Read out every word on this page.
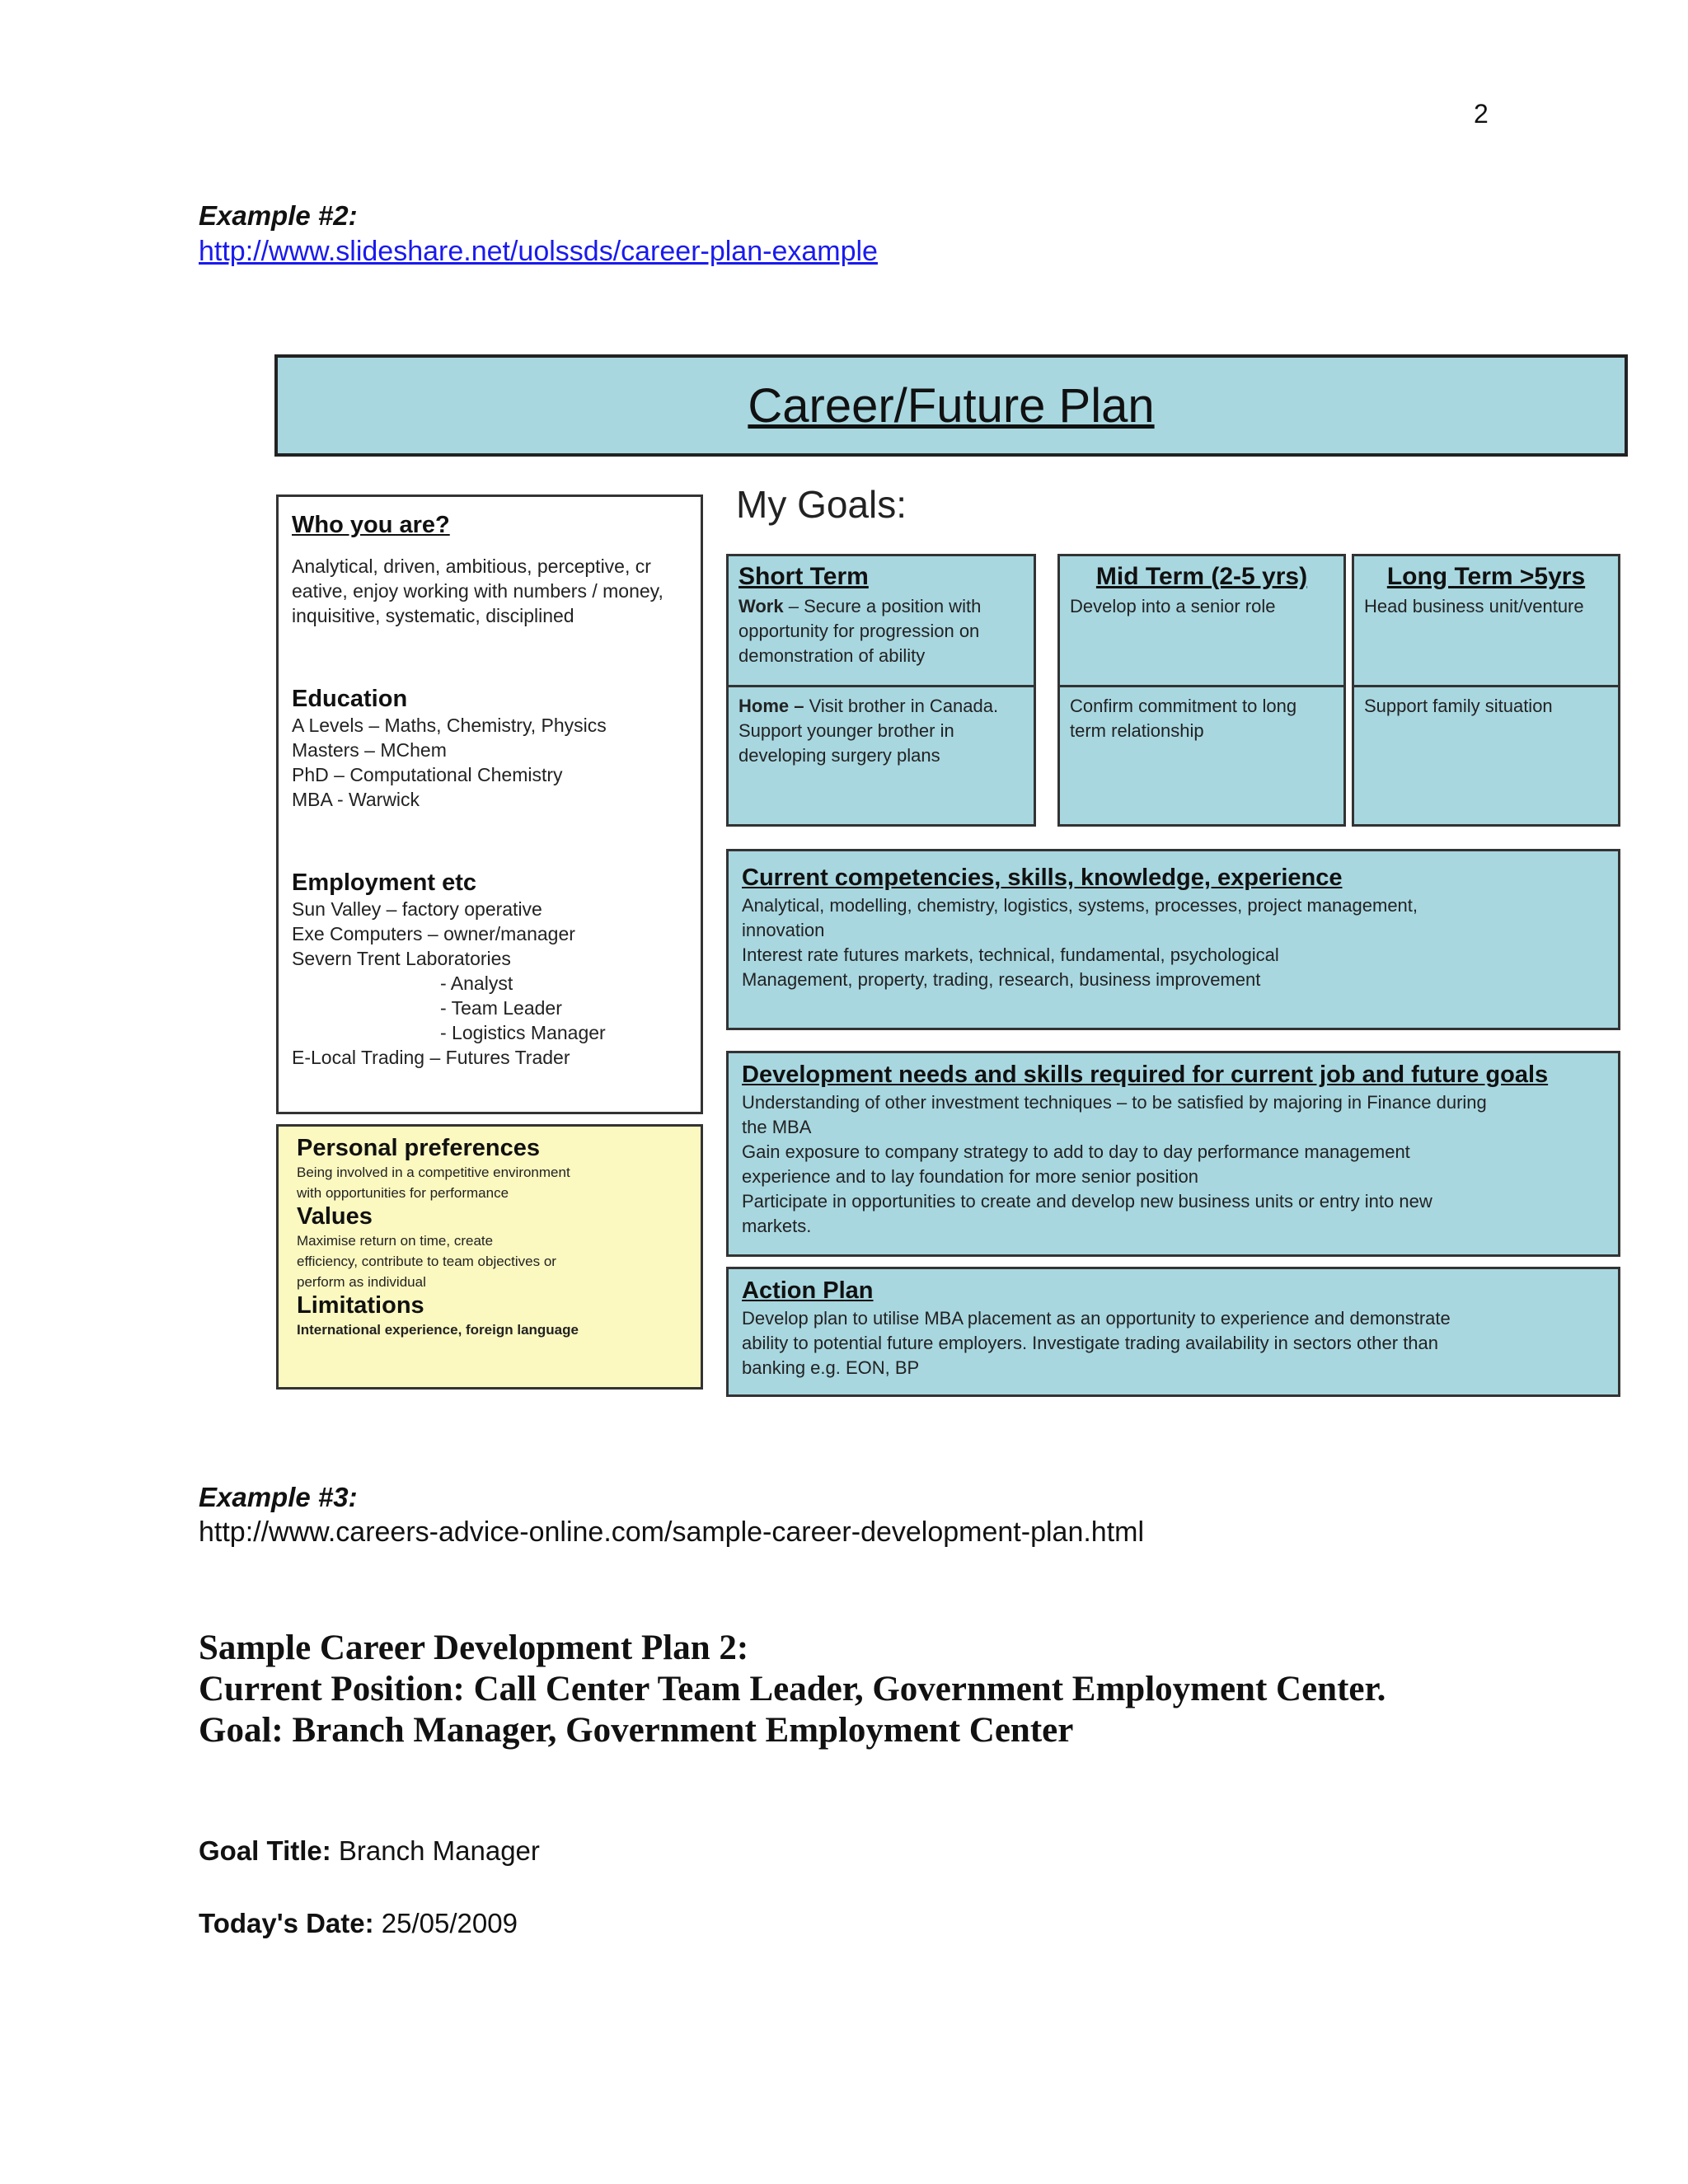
2
Example #2:
http://www.slideshare.net/uolssds/career-plan-example
Career/Future Plan
My Goals:

Who you are?

Analytical, driven, ambitious, perceptive, cr eative, enjoy working with numbers / money, inquisitive, systematic, disciplined

Education

A Levels – Maths, Chemistry, Physics

Masters – MChem

PhD – Computational Chemistry

MBA - Warwick

Employment etc

Sun Valley – factory operative

Exe Computers – owner/manager

Severn Trent Laboratories

- Analyst

- Team Leader

- Logistics Manager

E-Local Trading – Futures Trader

Personal preferences

Being involved in a competitive environment

with opportunities for performance

Values

Maximise return on time, create

efficiency, contribute to team objectives or

perform as individual

Limitations

International experience, foreign language

Short Term

Work – Secure a position with opportunity for progression on demonstration of ability

Home – Visit brother in Canada. Support younger brother in developing surgery plans

Mid Term (2-5 yrs)

Develop into a senior role

Confirm commitment to long term relationship

Long Term >5yrs

Head business unit/venture

Support family situation

Current competencies, skills, knowledge, experience

Analytical, modelling, chemistry, logistics, systems, processes, project management,

innovation

Interest rate futures markets, technical, fundamental, psychological

Management, property, trading, research, business improvement

Development needs and skills required for current job and future goals

Understanding of other investment techniques – to be satisfied by majoring in Finance during

the MBA

Gain exposure to company strategy to add to day to day performance management

experience and to lay foundation for more senior position

Participate in opportunities to create and develop new business units or entry into new

markets.

Action Plan

Develop plan to utilise MBA placement as an opportunity to experience and demonstrate

ability to potential future employers. Investigate trading availability in sectors other than

banking e.g. EON, BP

Example #3:
http://www.careers-advice-online.com/sample-career-development-plan.html
Sample Career Development Plan 2:
Current Position: Call Center Team Leader, Government Employment Center.
Goal: Branch Manager, Government Employment Center
Goal Title: Branch Manager
Today's Date: 25/05/2009
